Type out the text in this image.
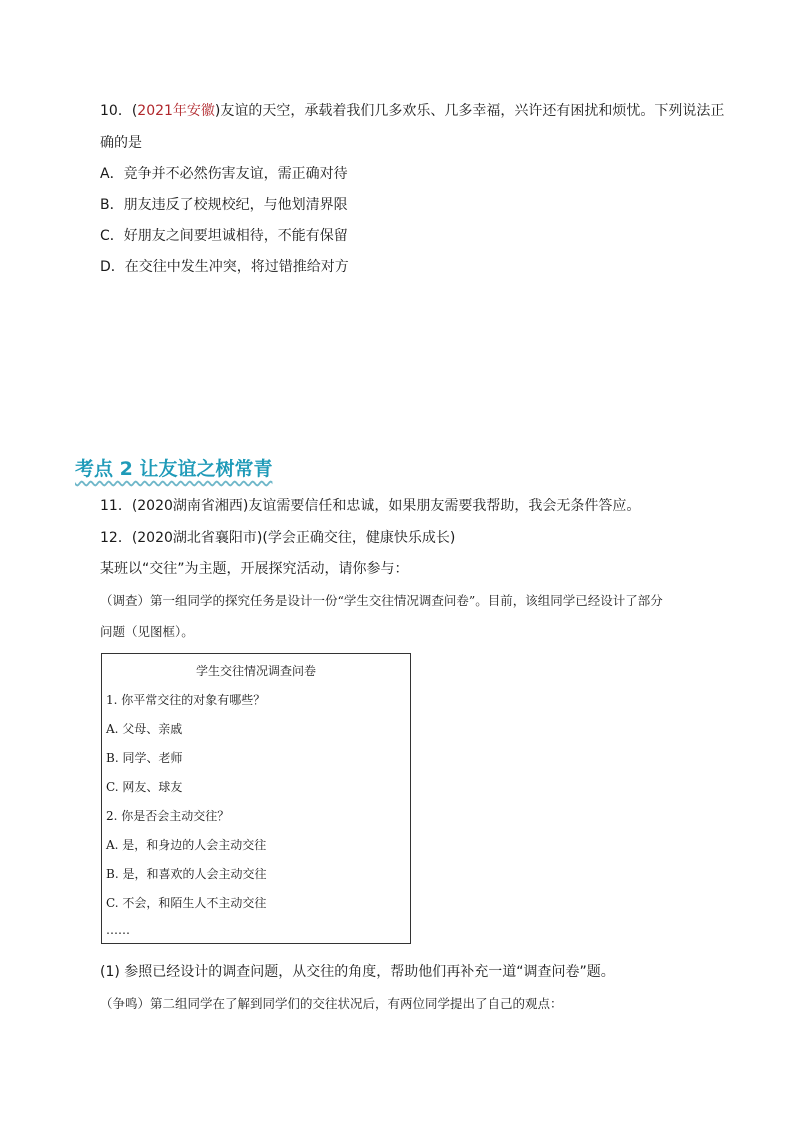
10．(2021年安徽)友谊的天空，承载着我们几多欢乐、几多幸福，兴许还有困扰和烦忧。下列说法正
确的是
A．竞争并不必然伤害友谊，需正确对待
B．朋友违反了校规校纪，与他划清界限
C．好朋友之间要坦诚相待，不能有保留
D．在交往中发生冲突，将过错推给对方
考点 2 让友谊之树常青
11．(2020湖南省湘西)友谊需要信任和忠诚，如果朋友需要我帮助，我会无条件答应。
12．(2020湖北省襄阳市)(学会正确交往，健康快乐成长)
某班以“交往”为主题，开展探究活动，请你参与：
（调查）第一组同学的探究任务是设计一份“学生交往情况调查问卷”。目前，该组同学已经设计了部分
问题（见图框）。
学生交往情况调查问卷
1. 你平常交往的对象有哪些？
A. 父母、亲戚
B. 同学、老师
C. 网友、球友
2. 你是否会主动交往？
A. 是，和身边的人会主动交往
B. 是，和喜欢的人会主动交往
C. 不会，和陌生人不主动交往
……
(1) 参照已经设计的调查问题，从交往的角度，帮助他们再补充一道“调查问卷”题。
（争鸣）第二组同学在了解到同学们的交往状况后，有两位同学提出了自己的观点：
